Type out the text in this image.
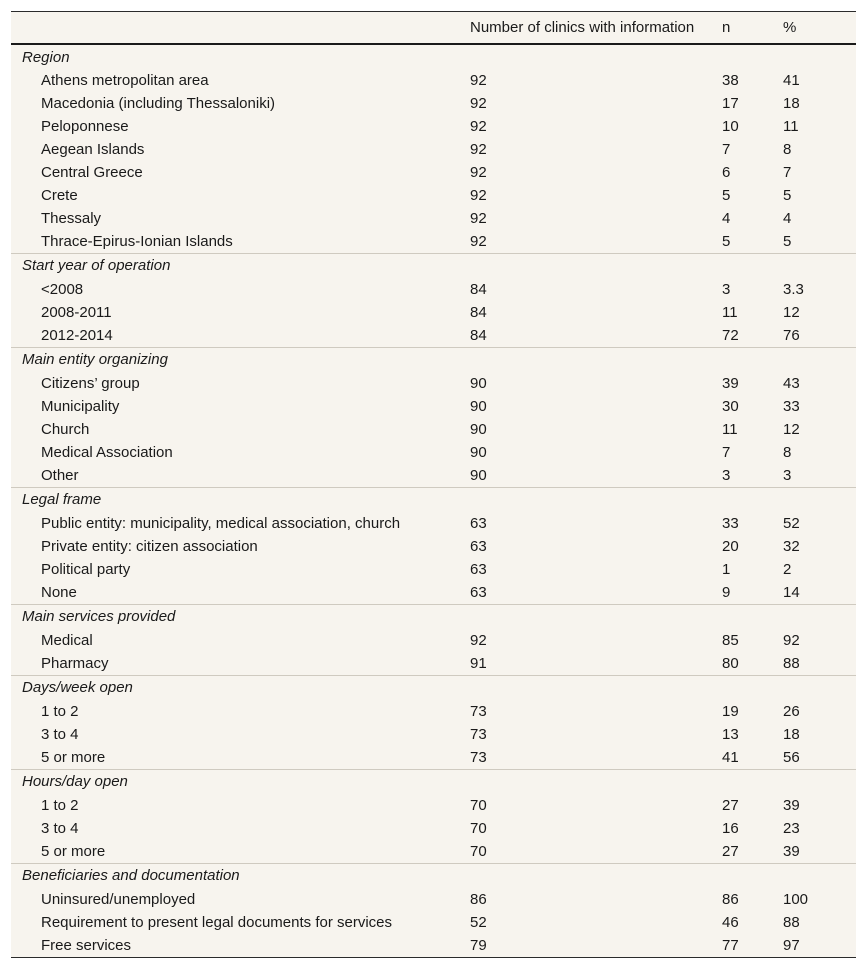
	Number of clinics with information	n	%
Region			
Athens metropolitan area	92	38	41
Macedonia (including Thessaloniki)	92	17	18
Peloponnese	92	10	11
Aegean Islands	92	7	8
Central Greece	92	6	7
Crete	92	5	5
Thessaly	92	4	4
Thrace-Epirus-Ionian Islands	92	5	5
Start year of operation			
<2008	84	3	3.3
2008-2011	84	11	12
2012-2014	84	72	76
Main entity organizing			
Citizens’ group	90	39	43
Municipality	90	30	33
Church	90	11	12
Medical Association	90	7	8
Other	90	3	3
Legal frame			
Public entity: municipality, medical association, church	63	33	52
Private entity: citizen association	63	20	32
Political party	63	1	2
None	63	9	14
Main services provided			
Medical	92	85	92
Pharmacy	91	80	88
Days/week open			
1 to 2	73	19	26
3 to 4	73	13	18
5 or more	73	41	56
Hours/day open			
1 to 2	70	27	39
3 to 4	70	16	23
5 or more	70	27	39
Beneficiaries and documentation			
Uninsured/unemployed	86	86	100
Requirement to present legal documents for services	52	46	88
Free services	79	77	97
